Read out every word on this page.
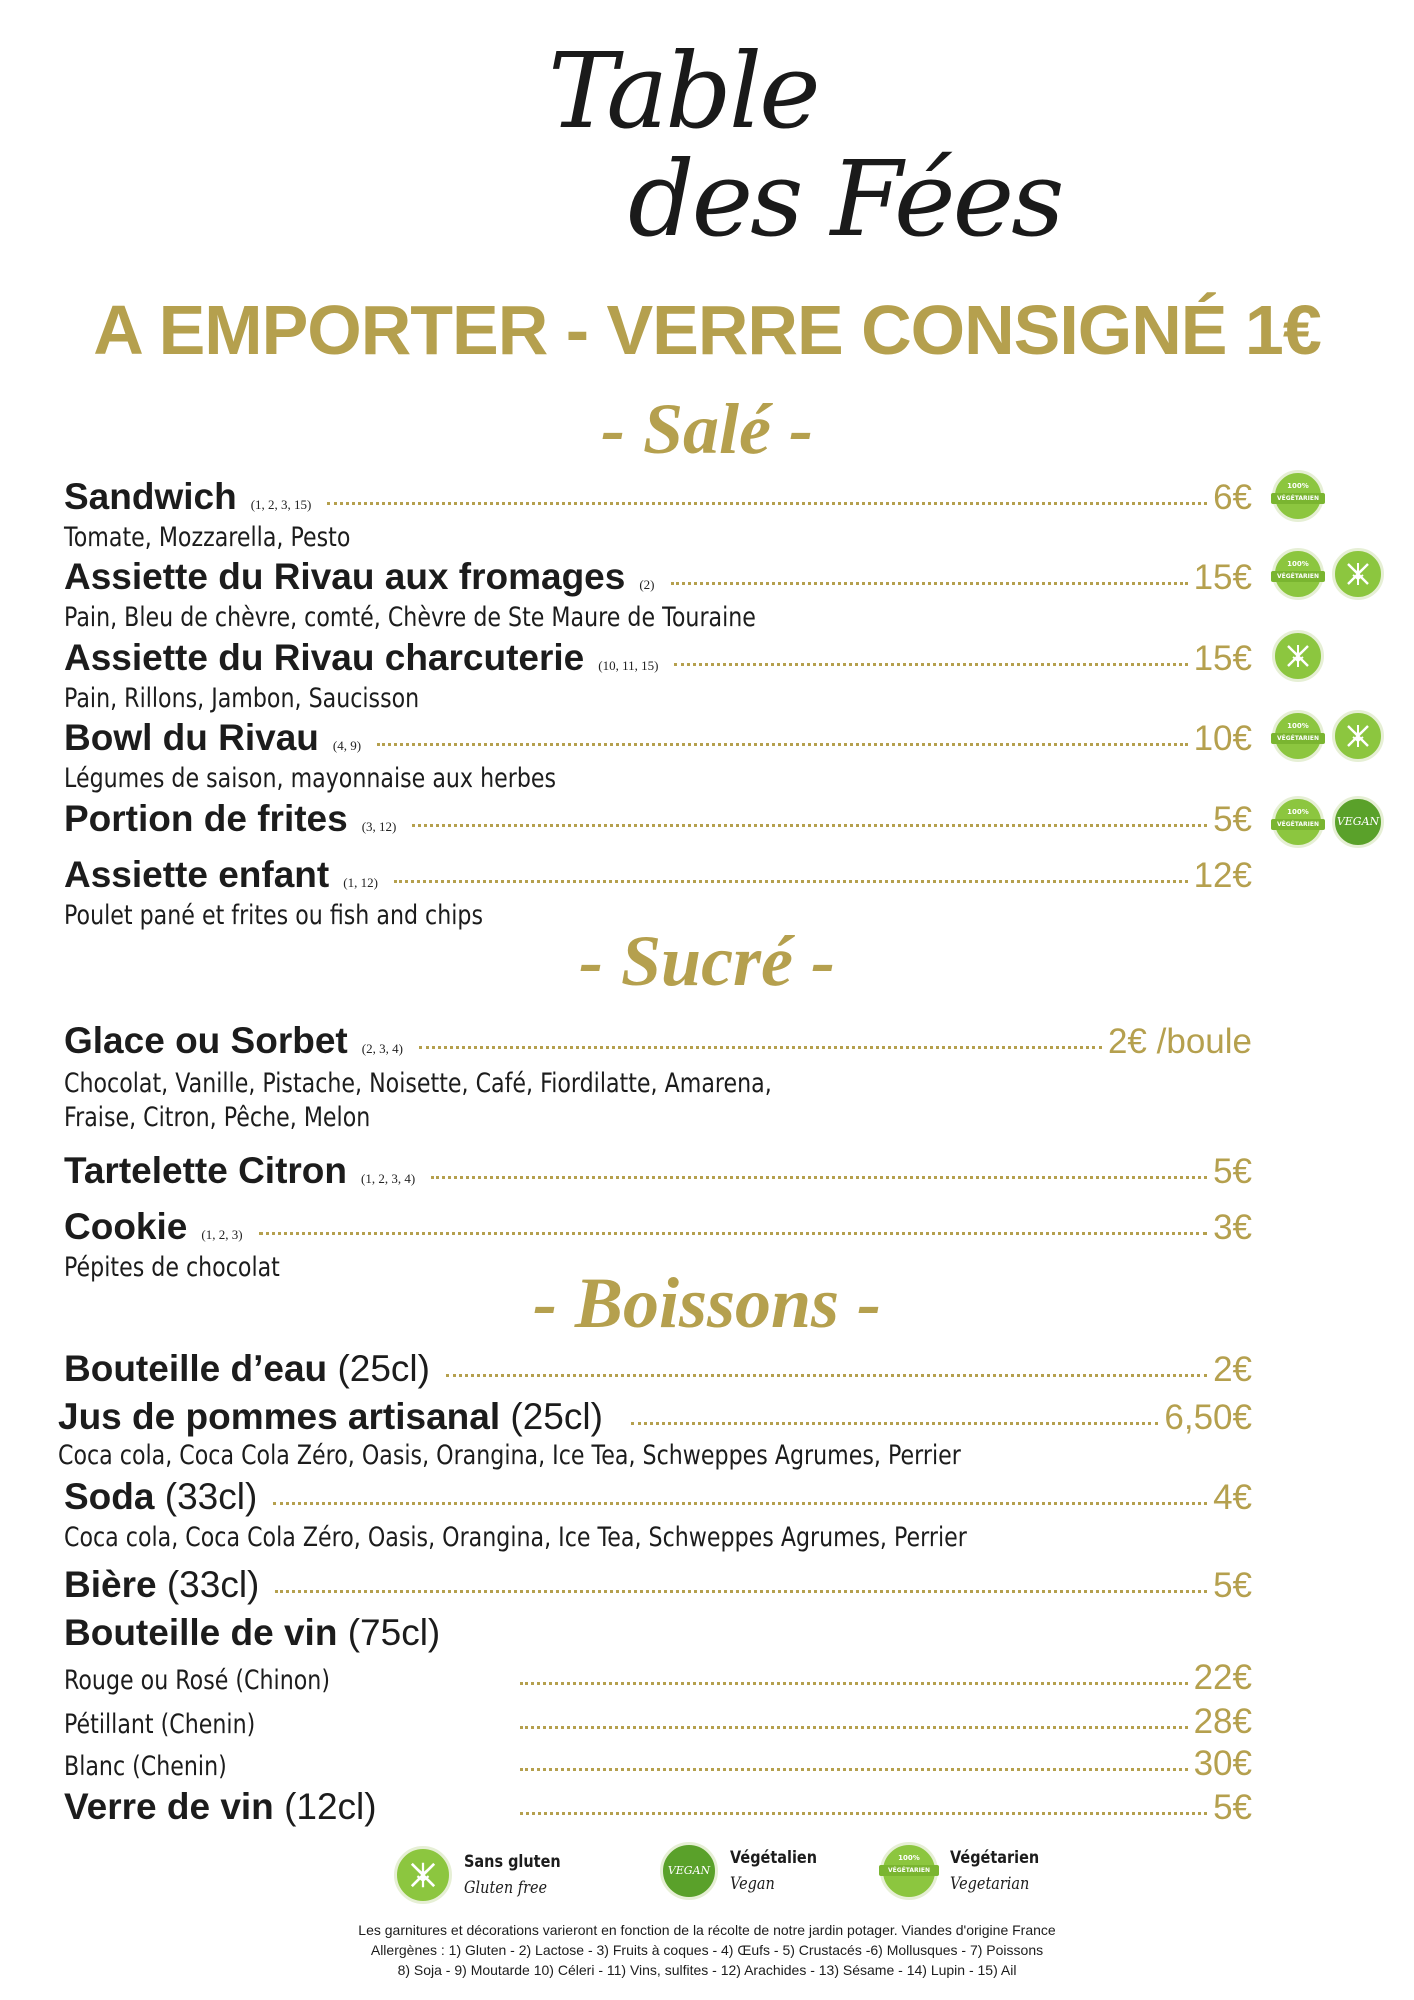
Table
des Fées
A EMPORTER - VERRE CONSIGNÉ 1€
- Salé -
Sandwich (1, 2, 3, 15)	6€
Tomate, Mozzarella, Pesto
Assiette du Rivau aux fromages (2)	15€
Pain, Bleu de chèvre, comté, Chèvre de Ste Maure de Touraine
Assiette du Rivau charcuterie (10, 11, 15)	15€
Pain, Rillons, Jambon, Saucisson
Bowl du Rivau (4, 9)	10€
Légumes de saison, mayonnaise aux herbes
Portion de frites (3, 12)	5€
Assiette enfant (1, 12)	12€
Poulet pané et frites ou fish and chips
100%
VÉGÉTARIEN
100%
VÉGÉTARIEN
100%
VÉGÉTARIEN
100%
VÉGÉTARIEN	VEGAN
- Sucré -
Glace ou Sorbet (2, 3, 4)	2€ /boule
Chocolat, Vanille, Pistache, Noisette, Café, Fiordilatte, Amarena,
Fraise, Citron, Pêche, Melon
Tartelette Citron (1, 2, 3, 4)	5€
Cookie (1, 2, 3)	3€
Pépites de chocolat	- Boissons -
Bouteille d’eau (25cl)	2€
Jus de pommes artisanal (25cl)	6,50€
Coca cola, Coca Cola Zéro, Oasis, Orangina, Ice Tea, Schweppes Agrumes, Perrier
Soda (33cl)	4€
Coca cola, Coca Cola Zéro, Oasis, Orangina, Ice Tea, Schweppes Agrumes, Perrier
Bière (33cl)	5€
Bouteille de vin (75cl)
Rouge ou Rosé (Chinon)	22€
Pétillant (Chenin)	28€
Blanc (Chenin)	30€
Verre de vin (12cl)	5€
Sans gluten
Gluten free
VEGAN
Végétalien
Vegan
100%
VÉGÉTARIEN
Végétarien
Vegetarian
Les garnitures et décorations varieront en fonction de la récolte de notre jardin potager. Viandes d'origine France
Allergènes : 1) Gluten - 2) Lactose - 3) Fruits à coques - 4) Œufs - 5) Crustacés -6) Mollusques - 7) Poissons
8) Soja - 9) Moutarde 10) Céleri - 11) Vins, sulfites - 12) Arachides - 13) Sésame - 14) Lupin - 15) Ail
